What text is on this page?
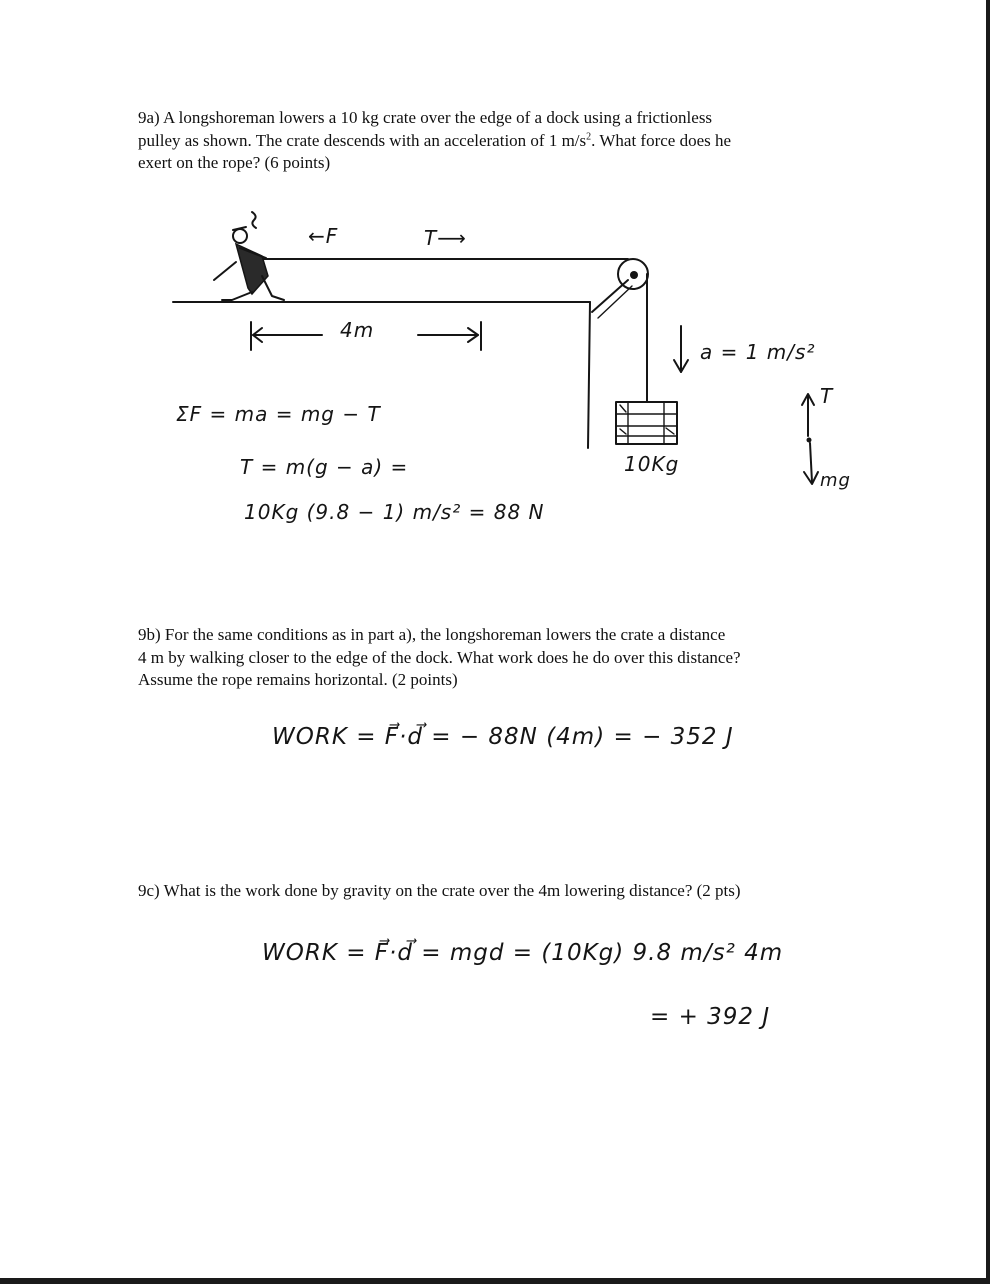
9a) A longshoreman lowers a 10 kg crate over the edge of a dock using a frictionless
pulley as shown. The crate descends with an acceleration of 1 $m/s^2$. What force does he
exert on the rope? (6 points)
←F	T⟶
4m
a = 1 m/s²
10Kg
T
mg
ΣF = ma = mg − T
T = m(g − a) =
10Kg (9.8 − 1) m/s² = 88 N
9b) For the same conditions as in part a), the longshoreman lowers the crate a distance
4 m by walking closer to the edge of the dock. What work does he do over this distance?
Assume the rope remains horizontal. (2 points)
WORK = F⃗·d⃗ = − 88N (4m) = − 352 J
9c) What is the work done by gravity on the crate over the 4m lowering distance? (2 pts)
WORK = F⃗·d⃗ = mgd = (10Kg) 9.8 m/s² 4m
= + 392 J
